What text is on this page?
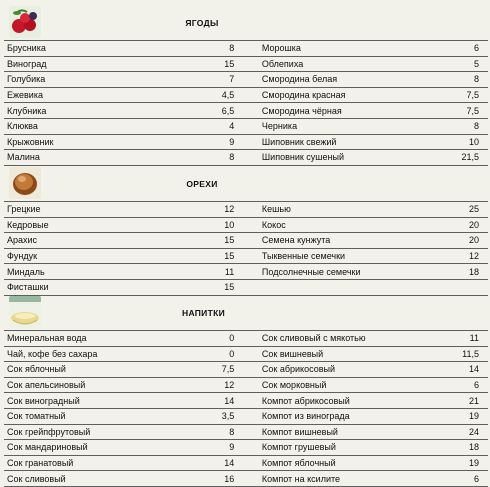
ЯГОДЫ
Брусника	8		Морошка	6
Виноград	15		Облепиха	5
Голубика	7		Смородина белая	8
Ежевика	4,5		Смородина красная	7,5
Клубника	6,5		Смородина чёрная	7,5
Клюква	4		Черника	8
Крыжовник	9		Шиповник свежий	10
Малина	8		Шиповник сушеный	21,5
ОРЕХИ
Грецкие	12		Кешью	25
Кедровые	10		Кокос	20
Арахис	15		Семена кунжута	20
Фундук	15		Тыквенные семечки	12
Миндаль	11		Подсолнечные семечки	18
Фисташки	15			
НАПИТКИ
Минеральная вода	0		Сок сливовый с мякотью	11
Чай, кофе без сахара	0		Сок вишневый	11,5
Сок яблочный	7,5		Сок абрикосовый	14
Сок апельсиновый	12		Сок морковный	6
Сок виноградный	14		Компот абрикосовый	21
Сок томатный	3,5		Компот из винограда	19
Сок грейпфрутовый	8		Компот вишневый	24
Сок мандариновый	9		Компот грушевый	18
Сок гранатовый	14		Компот яблочный	19
Сок сливовый	16		Компот на ксилите	6
